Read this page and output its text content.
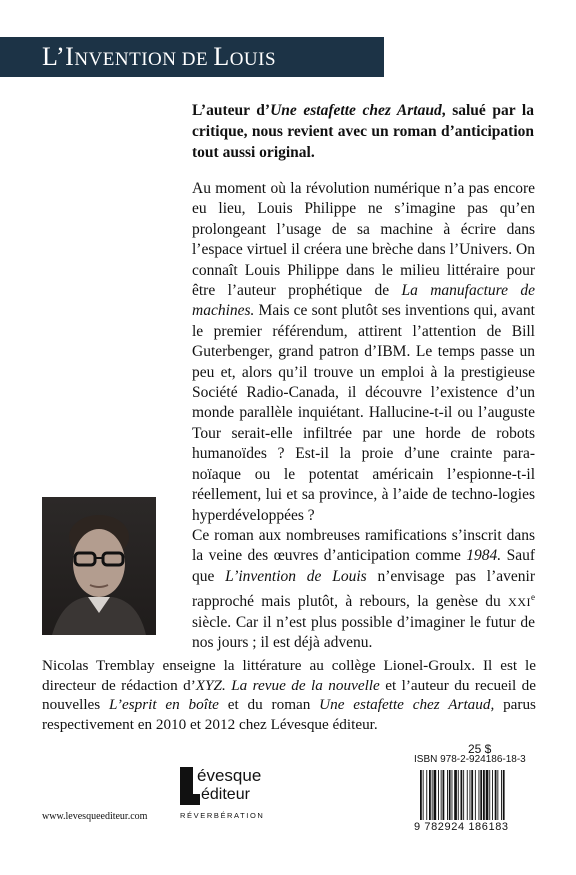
L’INVENTION DE LOUIS
L’auteur d’Une estafette chez Artaud, salué par la critique, nous revient avec un roman d’anticipation tout aussi original.

Au moment où la révolution numérique n’a pas encore eu lieu, Louis Philippe ne s’imagine pas qu’en prolongeant l’usage de sa machine à écrire dans l’espace virtuel il créera une brèche dans l’Univers. On connaît Louis Philippe dans le milieu littéraire pour être l’auteur prophétique de La manufacture de machines. Mais ce sont plutôt ses inventions qui, avant le premier référendum, attirent l’attention de Bill Guterbenger, grand patron d’IBM. Le temps passe un peu et, alors qu’il trouve un emploi à la prestigieuse Société Radio-Canada, il découvre l’existence d’un monde parallèle inquiétant. Hallucine-t-il ou l’auguste Tour serait-elle infiltrée par une horde de robots humanoïdes ? Est-il la proie d’une crainte para-noïaque ou le potentat américain l’espionne-t-il réellement, lui et sa province, à l’aide de techno-logies hyperdéveloppées ?

Ce roman aux nombreuses ramifications s’inscrit dans la veine des œuvres d’anticipation comme 1984. Sauf que L’invention de Louis n’envisage pas l’avenir rapproché mais plutôt, à rebours, la genèse du XXIe siècle. Car il n’est plus possible d’imaginer le futur de nos jours ; il est déjà advenu.

Nicolas Tremblay enseigne la littérature au collège Lionel-Groulx. Il est le directeur de rédaction d’XYZ. La revue de la nouvelle et l’auteur du recueil de nouvelles L’esprit en boîte et du roman Une estafette chez Artaud, parus respectivement en 2010 et 2012 chez Lévesque éditeur.
évesque
éditeur
RÉVERBÉRATION
www.levesqueediteur.com
25 $
ISBN 978-2-924186-18-3
9 782924 186183
